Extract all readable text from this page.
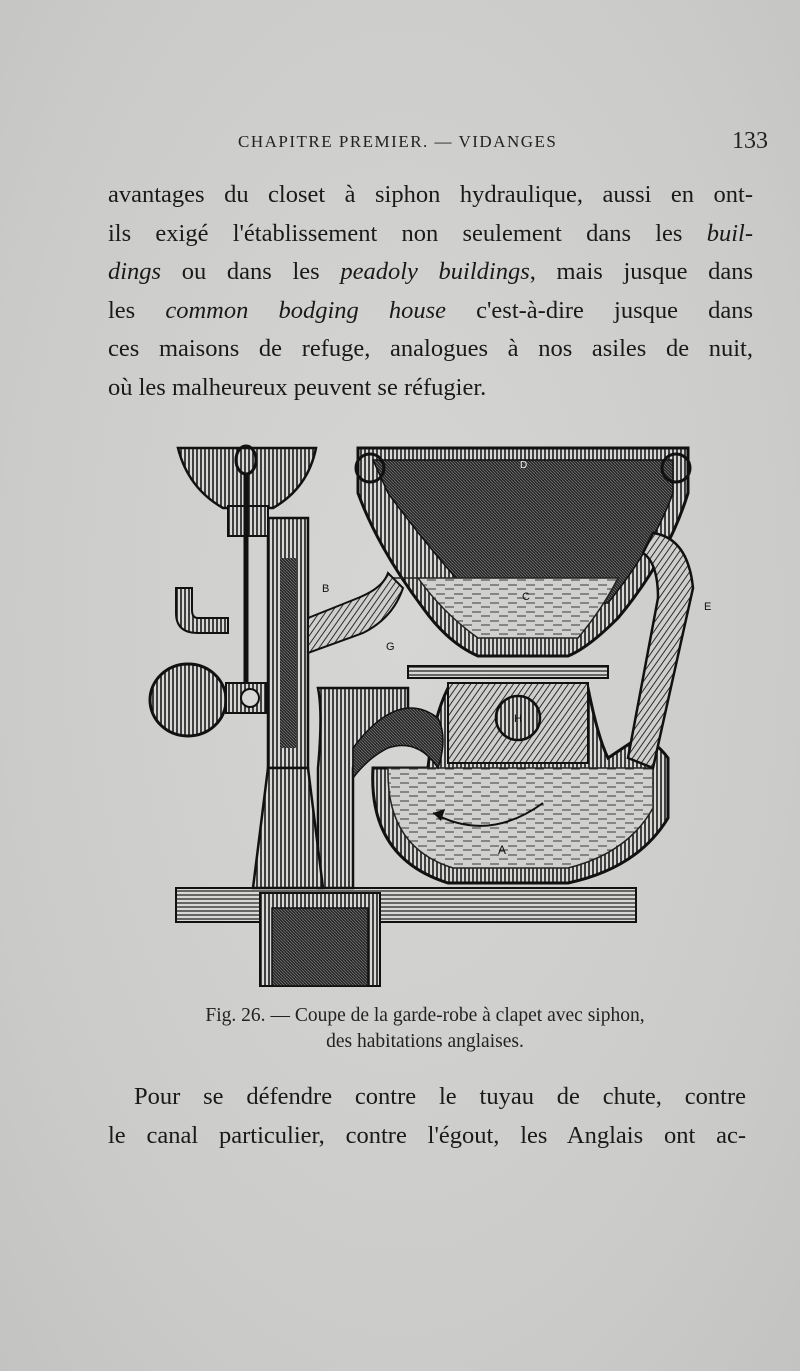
CHAPITRE PREMIER. — VIDANGES	133
avantages du closet à siphon hydraulique, aussi en ont-
ils exigé l'établissement non seulement dans les buil-
dings ou dans les peadoly buildings, mais jusque dans
les common bodging house c'est-à-dire jusque dans
ces maisons de refuge, analogues à nos asiles de nuit,
où les malheureux peuvent se réfugier.
B
C
G
H
A
D
E
Fig. 26. — Coupe de la garde-robe à clapet avec siphon,
des habitations anglaises.
Pour se défendre contre le tuyau de chute, contre
le canal particulier, contre l'égout, les Anglais ont ac-
